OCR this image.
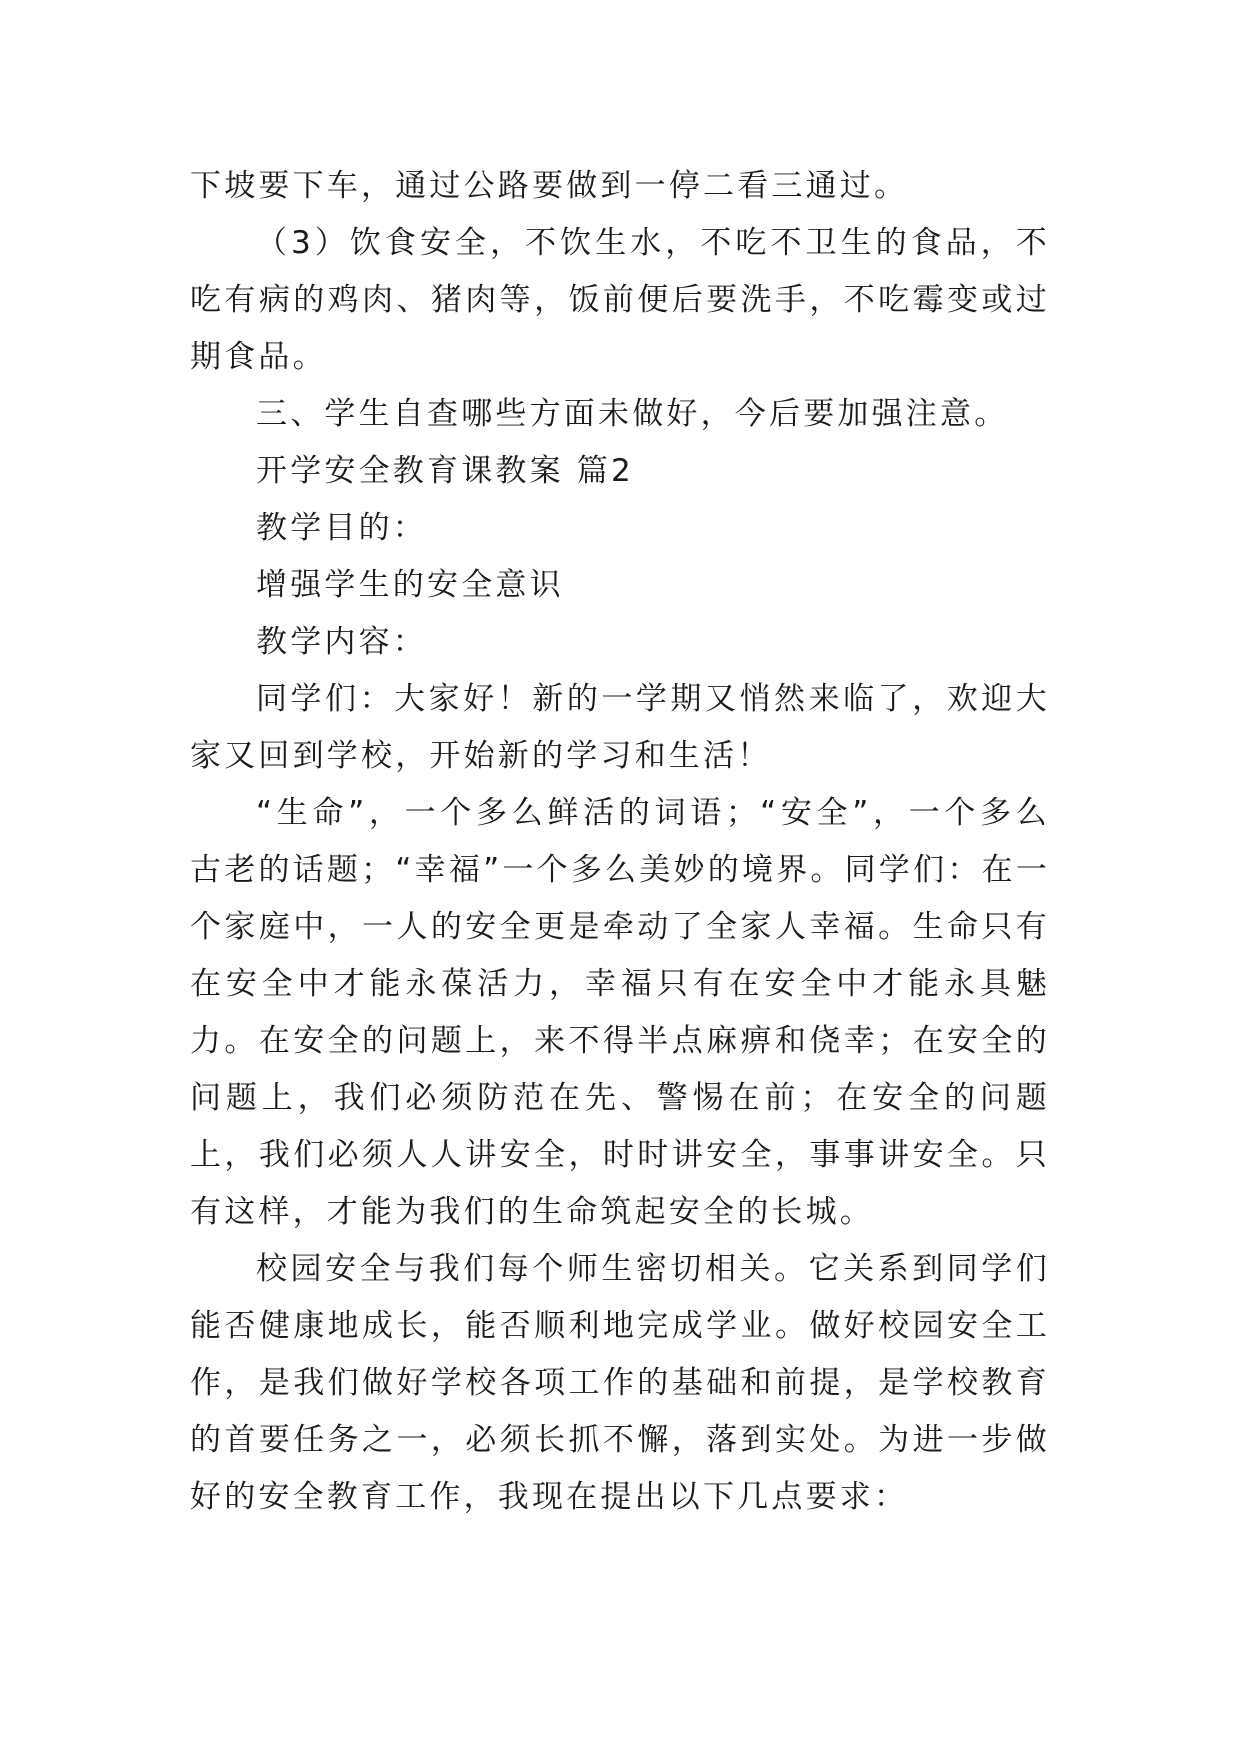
下坡要下车，通过公路要做到一停二看三通过。

（3）饮食安全，不饮生水，不吃不卫生的食品，不吃有病的鸡肉、猪肉等，饭前便后要洗手，不吃霉变或过期食品。

三、学生自查哪些方面未做好，今后要加强注意。

开学安全教育课教案 篇2

教学目的：

增强学生的安全意识

教学内容：

同学们：大家好！新的一学期又悄然来临了，欢迎大家又回到学校，开始新的学习和生活！

“生命”，一个多么鲜活的词语；“安全”，一个多么古老的话题；“幸福”一个多么美妙的境界。同学们：在一个家庭中，一人的安全更是牵动了全家人幸福。生命只有在安全中才能永葆活力，幸福只有在安全中才能永具魅力。在安全的问题上，来不得半点麻痹和侥幸；在安全的问题上，我们必须防范在先、警惕在前；在安全的问题上，我们必须人人讲安全，时时讲安全，事事讲安全。只有这样，才能为我们的生命筑起安全的长城。

校园安全与我们每个师生密切相关。它关系到同学们能否健康地成长，能否顺利地完成学业。做好校园安全工作，是我们做好学校各项工作的基础和前提，是学校教育的首要任务之一，必须长抓不懈，落到实处。为进一步做好的安全教育工作，我现在提出以下几点要求：
